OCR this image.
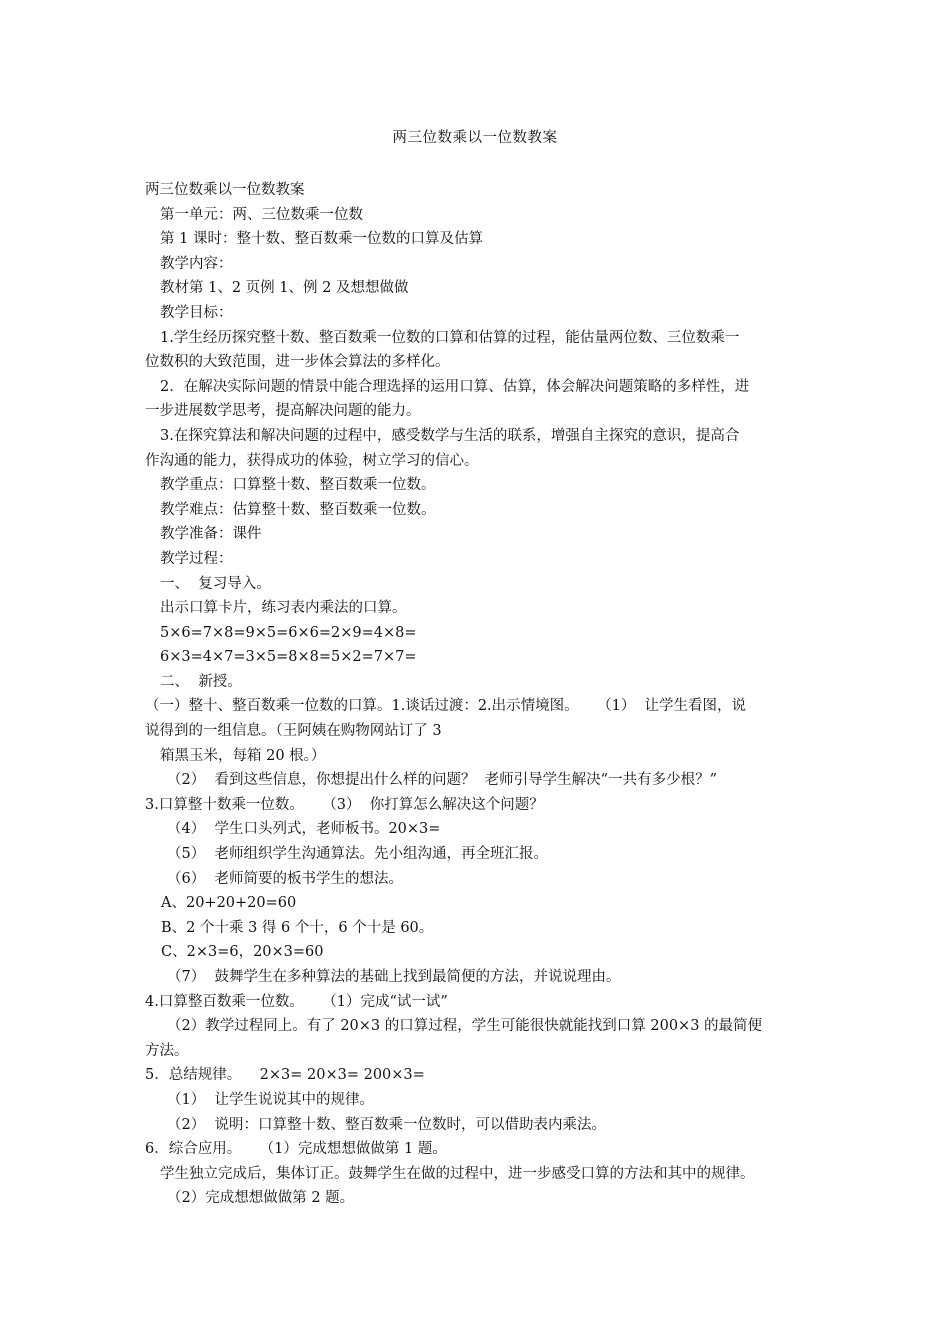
两三位数乘以一位数教案
两三位数乘以一位数教案
第一单元：两、三位数乘一位数
第 1 课时：整十数、整百数乘一位数的口算及估算
教学内容：
教材第 1、2 页例 1、例 2 及想想做做
教学目标：
1.学生经历探究整十数、整百数乘一位数的口算和估算的过程，能估量两位数、三位数乘一
位数积的大致范围，进一步体会算法的多样化。
2．在解决实际问题的情景中能合理选择的运用口算、估算，体会解决问题策略的多样性，进
一步进展数学思考，提高解决问题的能力。
3.在探究算法和解决问题的过程中，感受数学与生活的联系，增强自主探究的意识，提高合
作沟通的能力，获得成功的体验，树立学习的信心。
教学重点：口算整十数、整百数乘一位数。
教学难点：估算整十数、整百数乘一位数。
教学准备：课件
教学过程：
一、  复习导入。
出示口算卡片，练习表内乘法的口算。
5×6=7×8=9×5=6×6=2×9=4×8=
6×3=4×7=3×5=8×8=5×2=7×7=
二、  新授。
（一）整十、整百数乘一位数的口算。1.谈话过渡：2.出示情境图。    （1）  让学生看图，说
说得到的一组信息。（王阿姨在购物网站订了 3
箱黑玉米，每箱 20 根。）
（2）  看到这些信息，你想提出什么样的问题？  老师引导学生解决“一共有多少根？”
3.口算整十数乘一位数。    （3）  你打算怎么解决这个问题？
（4）  学生口头列式，老师板书。20×3=
（5）  老师组织学生沟通算法。先小组沟通，再全班汇报。
（6）  老师简要的板书学生的想法。
A、20+20+20=60
B、2 个十乘 3 得 6 个十，6 个十是 60。
C、2×3=6，20×3=60
（7）  鼓舞学生在多种算法的基础上找到最简便的方法，并说说理由。
4.口算整百数乘一位数。    （1）完成“试一试”
（2）教学过程同上。有了 20×3 的口算过程，学生可能很快就能找到口算 200×3 的最简便
方法。
5．总结规律。    2×3= 20×3= 200×3=
（1）  让学生说说其中的规律。
（2）  说明：口算整十数、整百数乘一位数时，可以借助表内乘法。
6．综合应用。    （1）完成想想做做第 1 题。
学生独立完成后，集体订正。鼓舞学生在做的过程中，进一步感受口算的方法和其中的规律。
（2）完成想想做做第 2 题。
